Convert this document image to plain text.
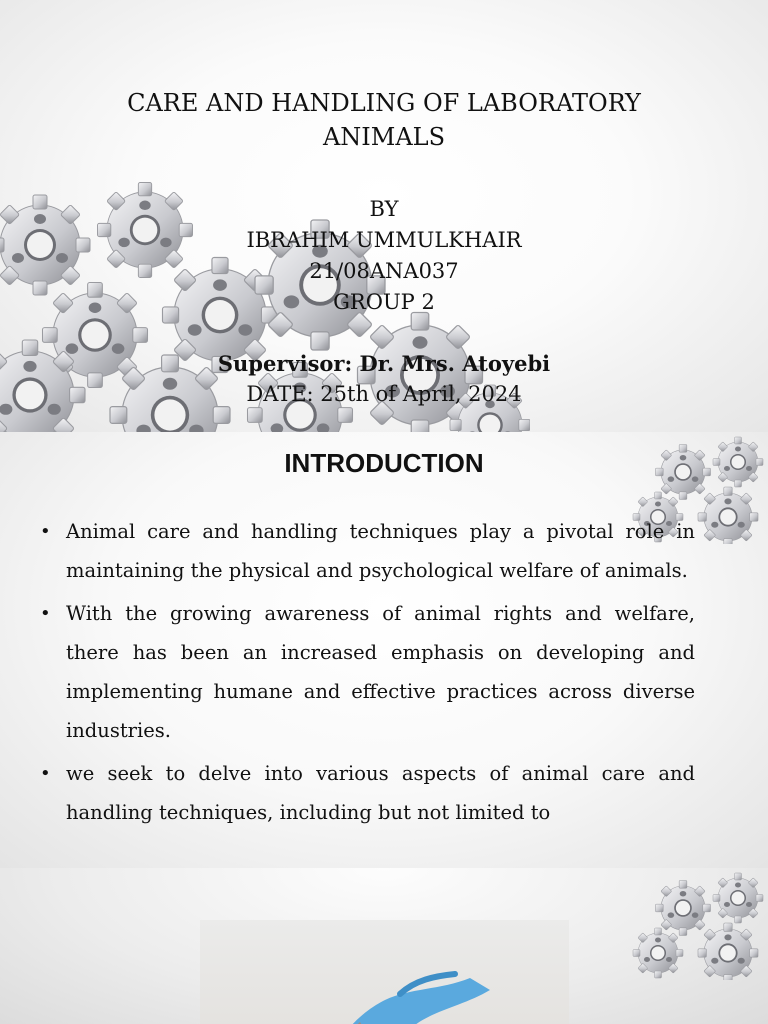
CARE AND HANDLING OF LABORATORY
ANIMALS
BY
IBRAHIM UMMULKHAIR
21/08ANA037
GROUP 2
Supervisor: Dr. Mrs. Atoyebi
DATE: 25th of April, 2024
INTRODUCTION
• Animal care and handling techniques play a pivotal role in maintaining the physical and psychological welfare of animals.
• With the growing awareness of animal rights and welfare, there has been an increased emphasis on developing and implementing humane and effective practices across diverse industries.
• we seek to delve into various aspects of animal care and handling techniques, including but not limited to
